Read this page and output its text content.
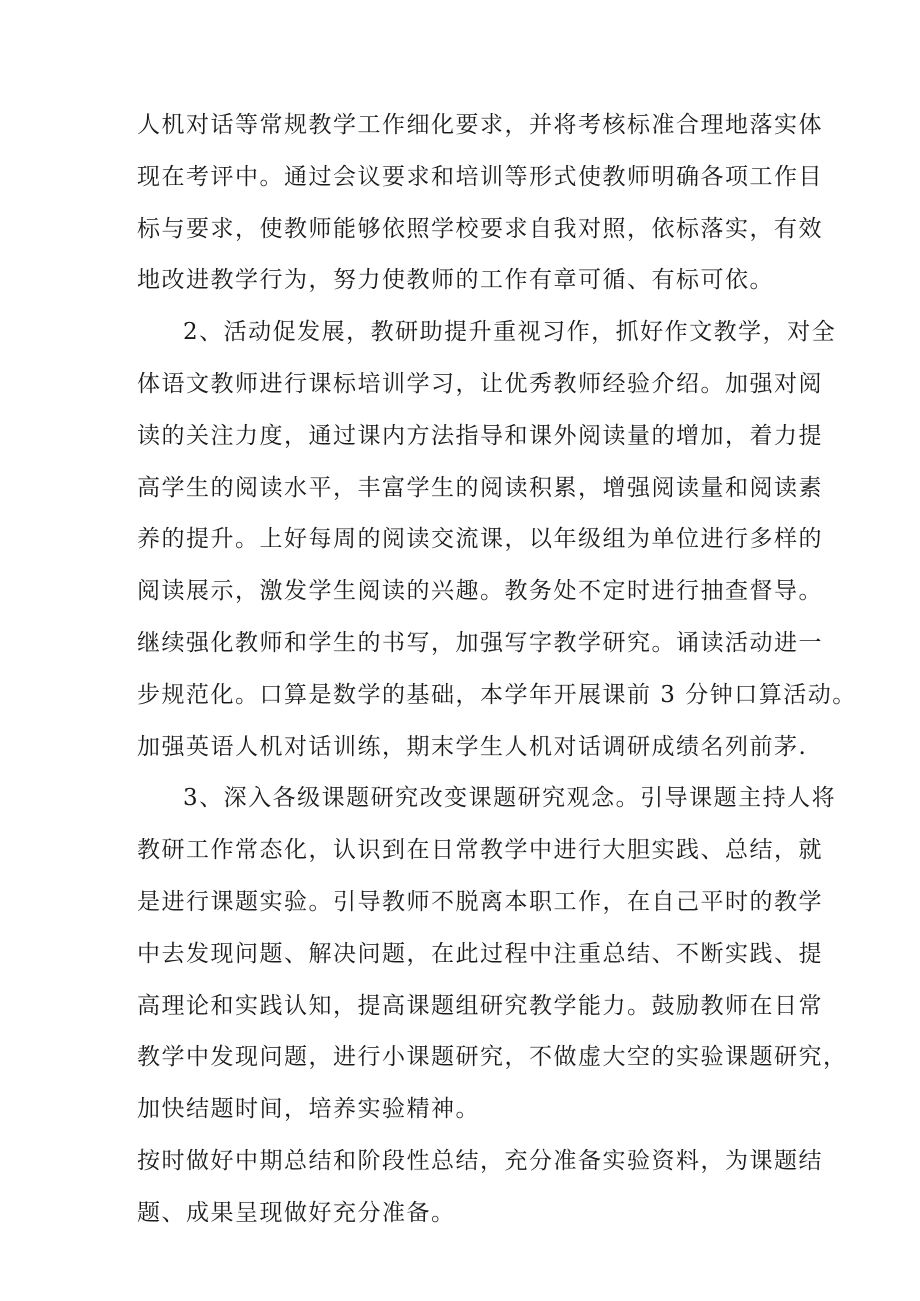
人机对话等常规教学工作细化要求，并将考核标准合理地落实体
现在考评中。通过会议要求和培训等形式使教师明确各项工作目
标与要求，使教师能够依照学校要求自我对照，依标落实，有效
地改进教学行为，努力使教师的工作有章可循、有标可依。
2、活动促发展，教研助提升重视习作，抓好作文教学，对全
体语文教师进行课标培训学习，让优秀教师经验介绍。加强对阅
读的关注力度，通过课内方法指导和课外阅读量的增加，着力提
高学生的阅读水平，丰富学生的阅读积累，增强阅读量和阅读素
养的提升。上好每周的阅读交流课，以年级组为单位进行多样的
阅读展示，激发学生阅读的兴趣。教务处不定时进行抽查督导。
继续强化教师和学生的书写，加强写字教学研究。诵读活动进一
步规范化。口算是数学的基础，本学年开展课前 3 分钟口算活动。
加强英语人机对话训练，期末学生人机对话调研成绩名列前茅.
3、深入各级课题研究改变课题研究观念。引导课题主持人将
教研工作常态化，认识到在日常教学中进行大胆实践、总结，就
是进行课题实验。引导教师不脱离本职工作，在自己平时的教学
中去发现问题、解决问题，在此过程中注重总结、不断实践、提
高理论和实践认知，提高课题组研究教学能力。鼓励教师在日常
教学中发现问题，进行小课题研究，不做虚大空的实验课题研究，
加快结题时间，培养实验精神。
按时做好中期总结和阶段性总结，充分准备实验资料，为课题结
题、成果呈现做好充分准备。
